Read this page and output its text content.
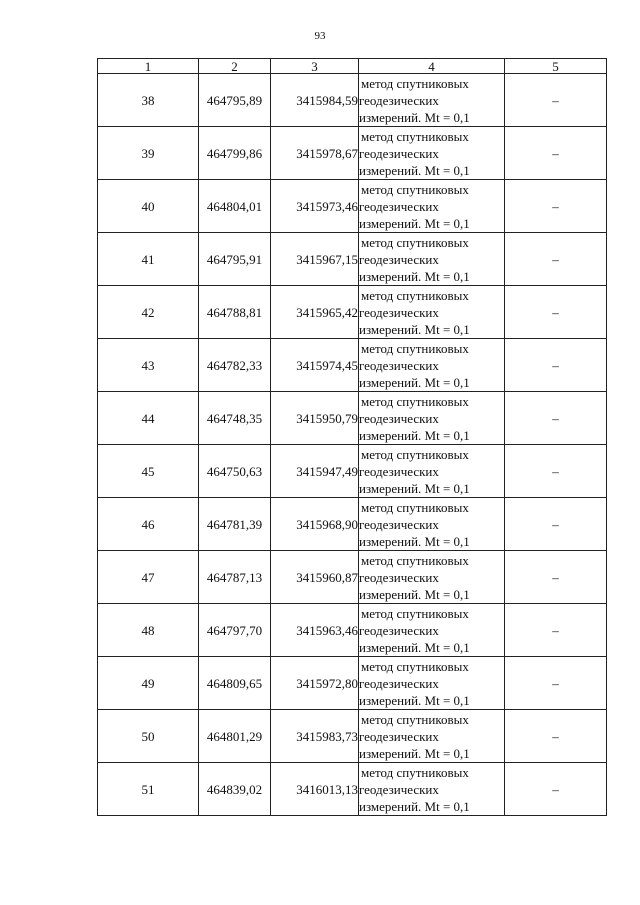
93
1	2	3	4	5
38	464795,89	3415984,59	метод спутниковых
геодезических
измерений. Mt = 0,1	–
39	464799,86	3415978,67	метод спутниковых
геодезических
измерений. Mt = 0,1	–
40	464804,01	3415973,46	метод спутниковых
геодезических
измерений. Mt = 0,1	–
41	464795,91	3415967,15	метод спутниковых
геодезических
измерений. Mt = 0,1	–
42	464788,81	3415965,42	метод спутниковых
геодезических
измерений. Mt = 0,1	–
43	464782,33	3415974,45	метод спутниковых
геодезических
измерений. Mt = 0,1	–
44	464748,35	3415950,79	метод спутниковых
геодезических
измерений. Mt = 0,1	–
45	464750,63	3415947,49	метод спутниковых
геодезических
измерений. Mt = 0,1	–
46	464781,39	3415968,90	метод спутниковых
геодезических
измерений. Mt = 0,1	–
47	464787,13	3415960,87	метод спутниковых
геодезических
измерений. Mt = 0,1	–
48	464797,70	3415963,46	метод спутниковых
геодезических
измерений. Mt = 0,1	–
49	464809,65	3415972,80	метод спутниковых
геодезических
измерений. Mt = 0,1	–
50	464801,29	3415983,73	метод спутниковых
геодезических
измерений. Mt = 0,1	–
51	464839,02	3416013,13	метод спутниковых
геодезических
измерений. Mt = 0,1	–
